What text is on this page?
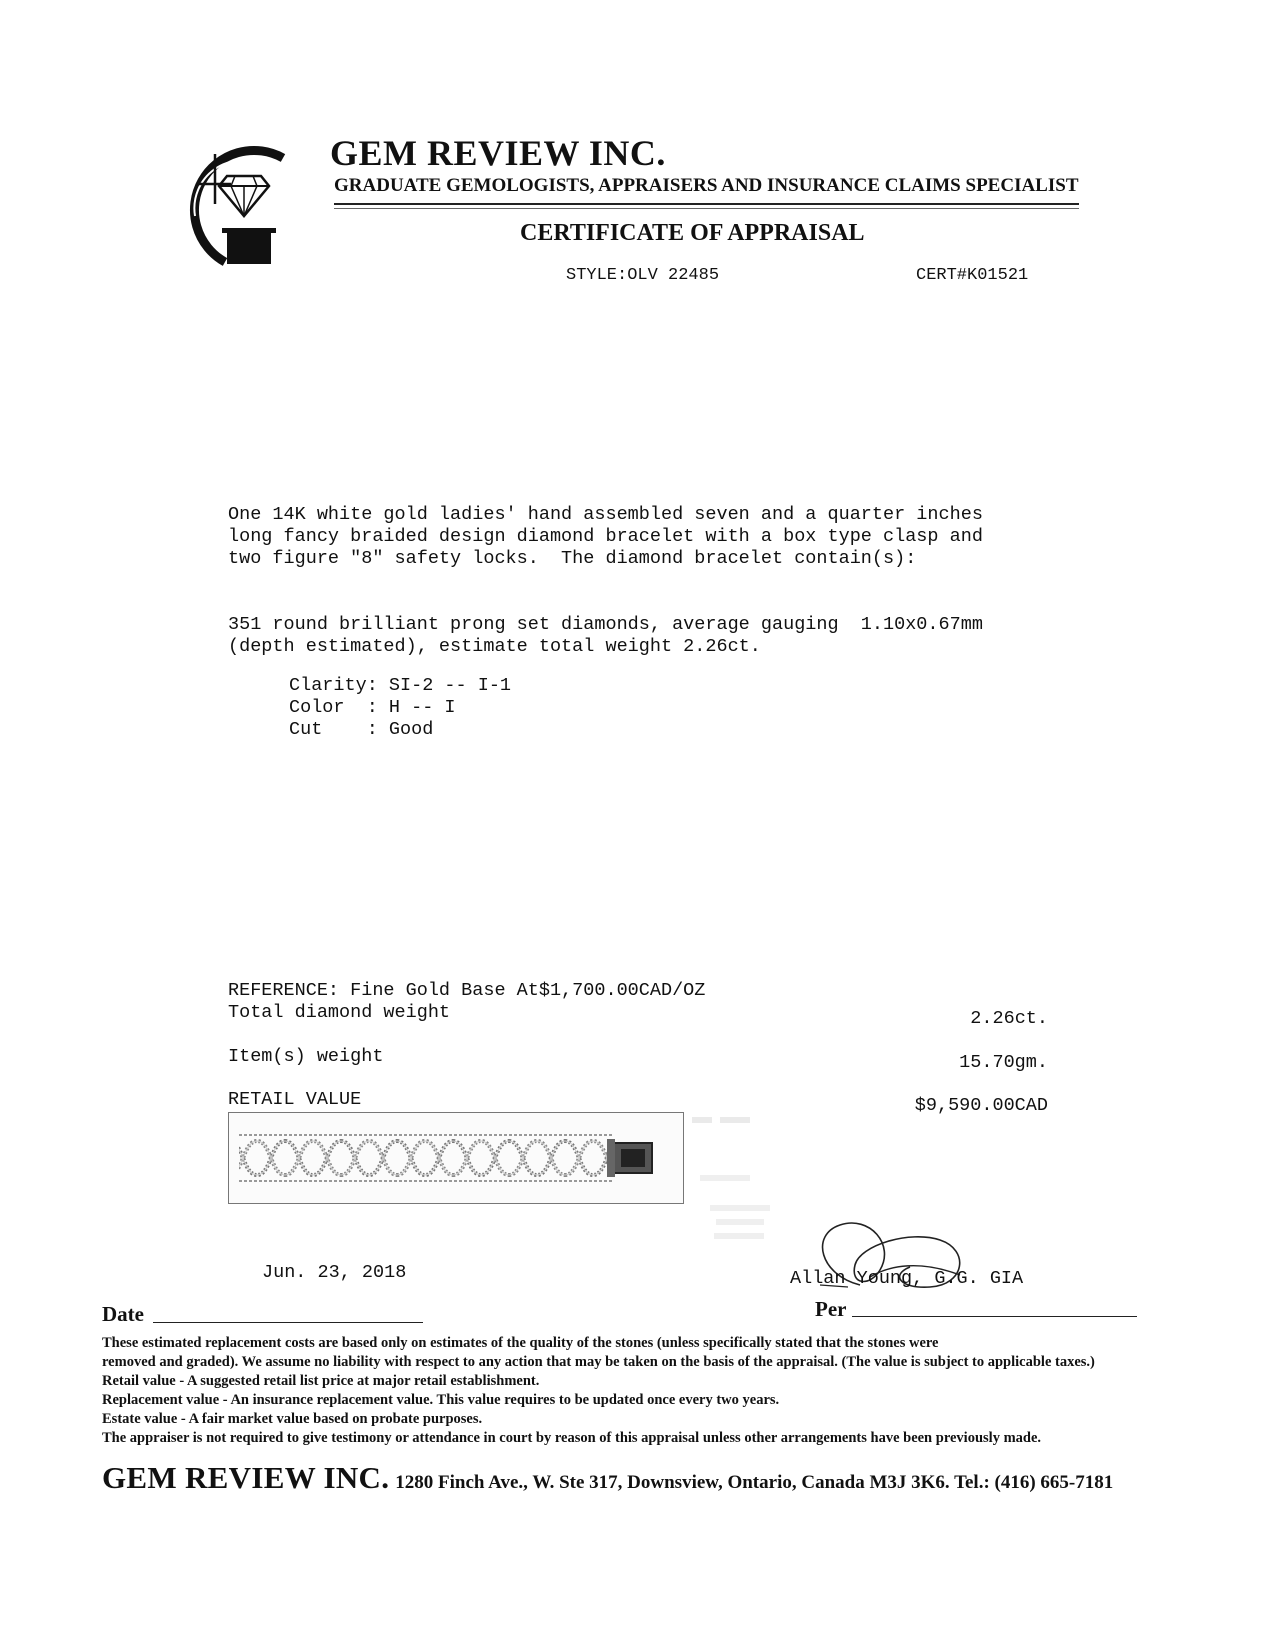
GEM REVIEW INC.
GRADUATE GEMOLOGISTS, APPRAISERS AND INSURANCE CLAIMS SPECIALIST
CERTIFICATE OF APPRAISAL
STYLE:OLV 22485	CERT#K01521
One 14K white gold ladies' hand assembled seven and a quarter inches
long fancy braided design diamond bracelet with a box type clasp and
two figure "8" safety locks.  The diamond bracelet contain(s):
351 round brilliant prong set diamonds, average gauging  1.10x0.67mm
(depth estimated), estimate total weight 2.26ct.
Clarity: SI-2 -- I-1
Color  : H -- I
Cut    : Good
REFERENCE: Fine Gold Base At$1,700.00CAD/OZ
Total diamond weight	2.26ct.
Item(s) weight	15.70gm.
RETAIL VALUE	$9,590.00CAD
Jun. 23, 2018	Allan Young, G.G. GIA
Date	Per

These estimated replacement costs are based only on estimates of the quality of the stones (unless specifically stated that the stones were

removed and graded). We assume no liability with respect to any action that may be taken on the basis of the appraisal. (The value is subject to applicable taxes.)

Retail value - A suggested retail list price at major retail establishment.

Replacement value - An insurance replacement value. This value requires to be updated once every two years.

Estate value - A fair market value based on probate purposes.

The appraiser is not required to give testimony or attendance in court by reason of this appraisal unless other arrangements have been previously made.

GEM REVIEW INC. 1280 Finch Ave., W. Ste 317, Downsview, Ontario, Canada M3J 3K6. Tel.: (416) 665-7181
